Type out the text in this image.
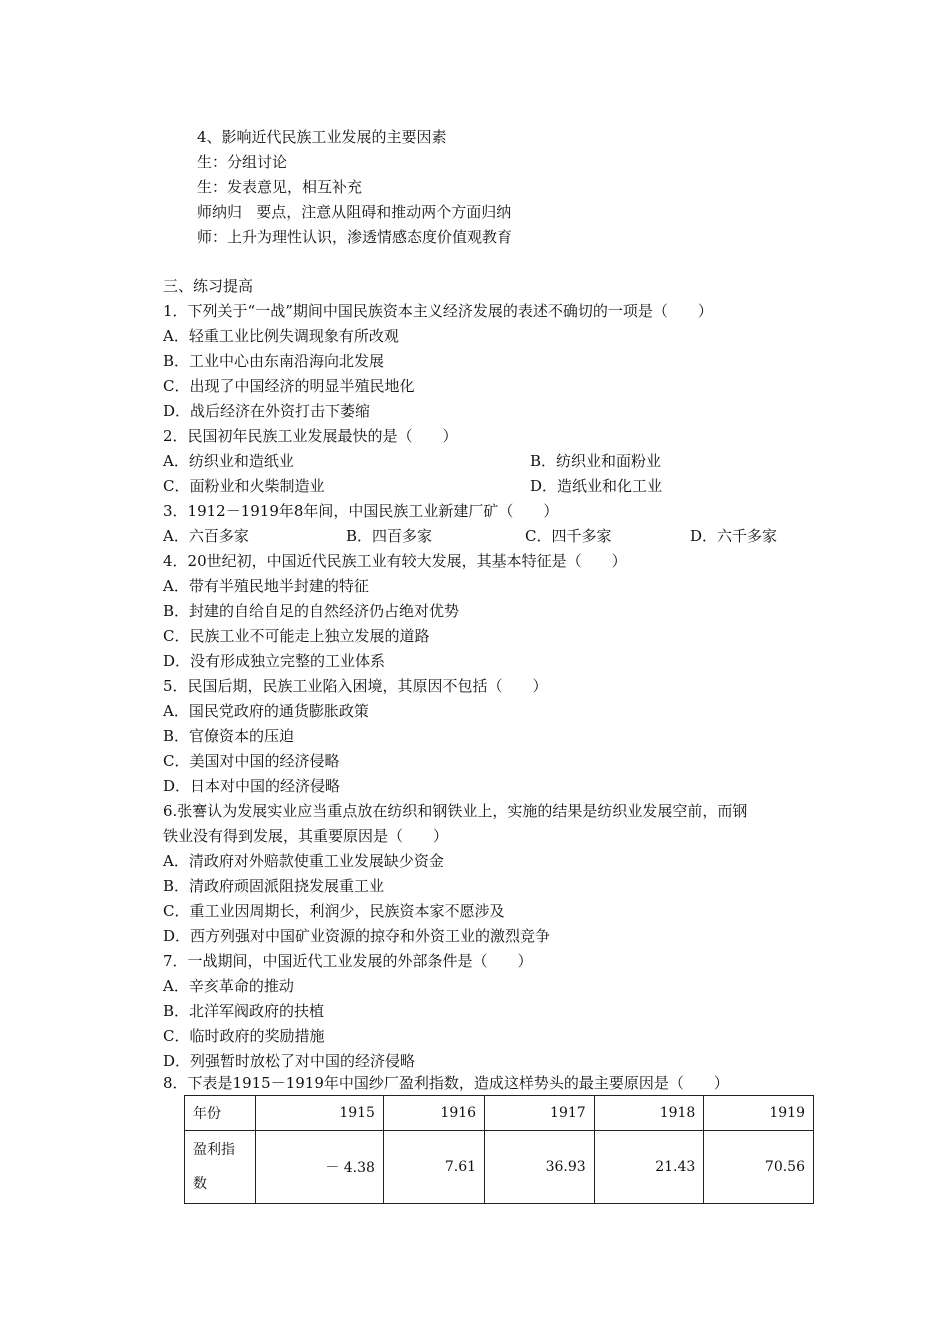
4、影响近代民族工业发展的主要因素
生：分组讨论
生：发表意见，相互补充
师纳归   要点，注意从阻碍和推动两个方面归纳
师：上升为理性认识，渗透情感态度价值观教育
三、练习提高
1．下列关于“一战”期间中国民族资本主义经济发展的表述不确切的一项是（　　）
A．轻重工业比例失调现象有所改观
B．工业中心由东南沿海向北发展
C．出现了中国经济的明显半殖民地化
D．战后经济在外资打击下萎缩
2．民国初年民族工业发展最快的是（　　）
A．纺织业和造纸业	B．纺织业和面粉业
C．面粉业和火柴制造业	D．造纸业和化工业
3．1912－1919年8年间，中国民族工业新建厂矿（　　）
A．六百多家	B．四百多家	C．四千多家	D．六千多家
4．20世纪初，中国近代民族工业有较大发展，其基本特征是（　　）
A．带有半殖民地半封建的特征
B．封建的自给自足的自然经济仍占绝对优势
C．民族工业不可能走上独立发展的道路
D．没有形成独立完整的工业体系
5．民国后期，民族工业陷入困境，其原因不包括（　　）
A．国民党政府的通货膨胀政策
B．官僚资本的压迫
C．美国对中国的经济侵略
D．日本对中国的经济侵略
6.张謇认为发展实业应当重点放在纺织和钢铁业上，实施的结果是纺织业发展空前，而钢
铁业没有得到发展，其重要原因是（　　）
A．清政府对外赔款使重工业发展缺少资金
B．清政府顽固派阻挠发展重工业
C．重工业因周期长，利润少，民族资本家不愿涉及
D．西方列强对中国矿业资源的掠夺和外资工业的激烈竞争
7．一战期间，中国近代工业发展的外部条件是（　　）
A．辛亥革命的推动
B．北洋军阀政府的扶植
C．临时政府的奖励措施
D．列强暂时放松了对中国的经济侵略
8．下表是1915－1919年中国纱厂盈利指数，造成这样势头的最主要原因是（　　）
年份	1915	1916	1917	1918	1919

盈利指
数	－ 4.38	7.61	36.93	21.43	70.56
